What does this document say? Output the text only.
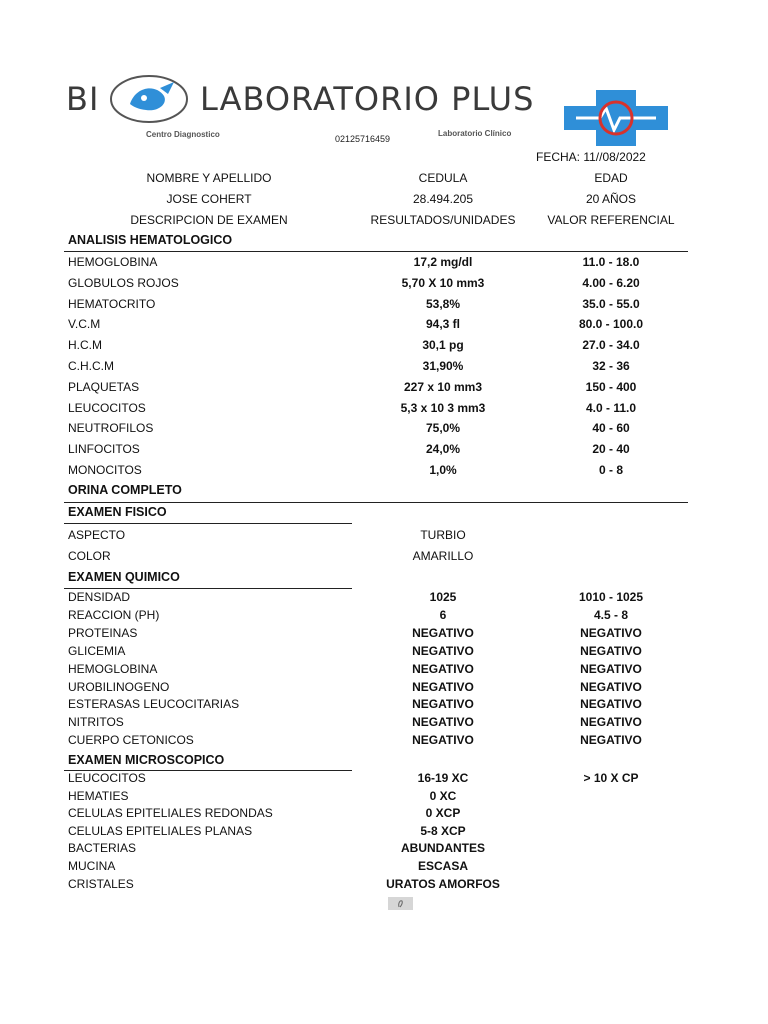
BI	LABORATORIO PLUS
Centro Diagnostico	02125716459
Laboratorio Clínico
FECHA: 11//08/2022
NOMBRE Y APELLIDO	CEDULA	EDAD
JOSE COHERT	28.494.205	20 AÑOS
DESCRIPCION DE EXAMEN	RESULTADOS/UNIDADES	VALOR REFERENCIAL
ANALISIS HEMATOLOGICO
HEMOGLOBINA	17,2 mg/dl	11.0 - 18.0
GLOBULOS ROJOS	5,70 X 10 mm3	4.00 - 6.20
HEMATOCRITO	53,8%	35.0 - 55.0
V.C.M	94,3 fl	80.0 - 100.0
H.C.M	30,1 pg	27.0 - 34.0
C.H.C.M	31,90%	32 - 36
PLAQUETAS	227 x 10 mm3	150 - 400
LEUCOCITOS	5,3 x 10 3 mm3	4.0 - 11.0
NEUTROFILOS	75,0%	40 - 60
LINFOCITOS	24,0%	20 - 40
MONOCITOS	1,0%	0 - 8
ORINA COMPLETO
EXAMEN FISICO
ASPECTO	TURBIO
COLOR	AMARILLO
EXAMEN QUIMICO
DENSIDAD	1025	1010 - 1025
REACCION (PH)	6	4.5 - 8
PROTEINAS	NEGATIVO	NEGATIVO
GLICEMIA	NEGATIVO	NEGATIVO
HEMOGLOBINA	NEGATIVO	NEGATIVO
UROBILINOGENO	NEGATIVO	NEGATIVO
ESTERASAS LEUCOCITARIAS	NEGATIVO	NEGATIVO
NITRITOS	NEGATIVO	NEGATIVO
CUERPO CETONICOS	NEGATIVO	NEGATIVO
EXAMEN MICROSCOPICO
LEUCOCITOS	16-19 XC	> 10 X CP
HEMATIES	0 XC
CELULAS EPITELIALES REDONDAS	0 XCP
CELULAS EPITELIALES PLANAS	5-8 XCP
BACTERIAS	ABUNDANTES
MUCINA	ESCASA
CRISTALES	URATOS AMORFOS
